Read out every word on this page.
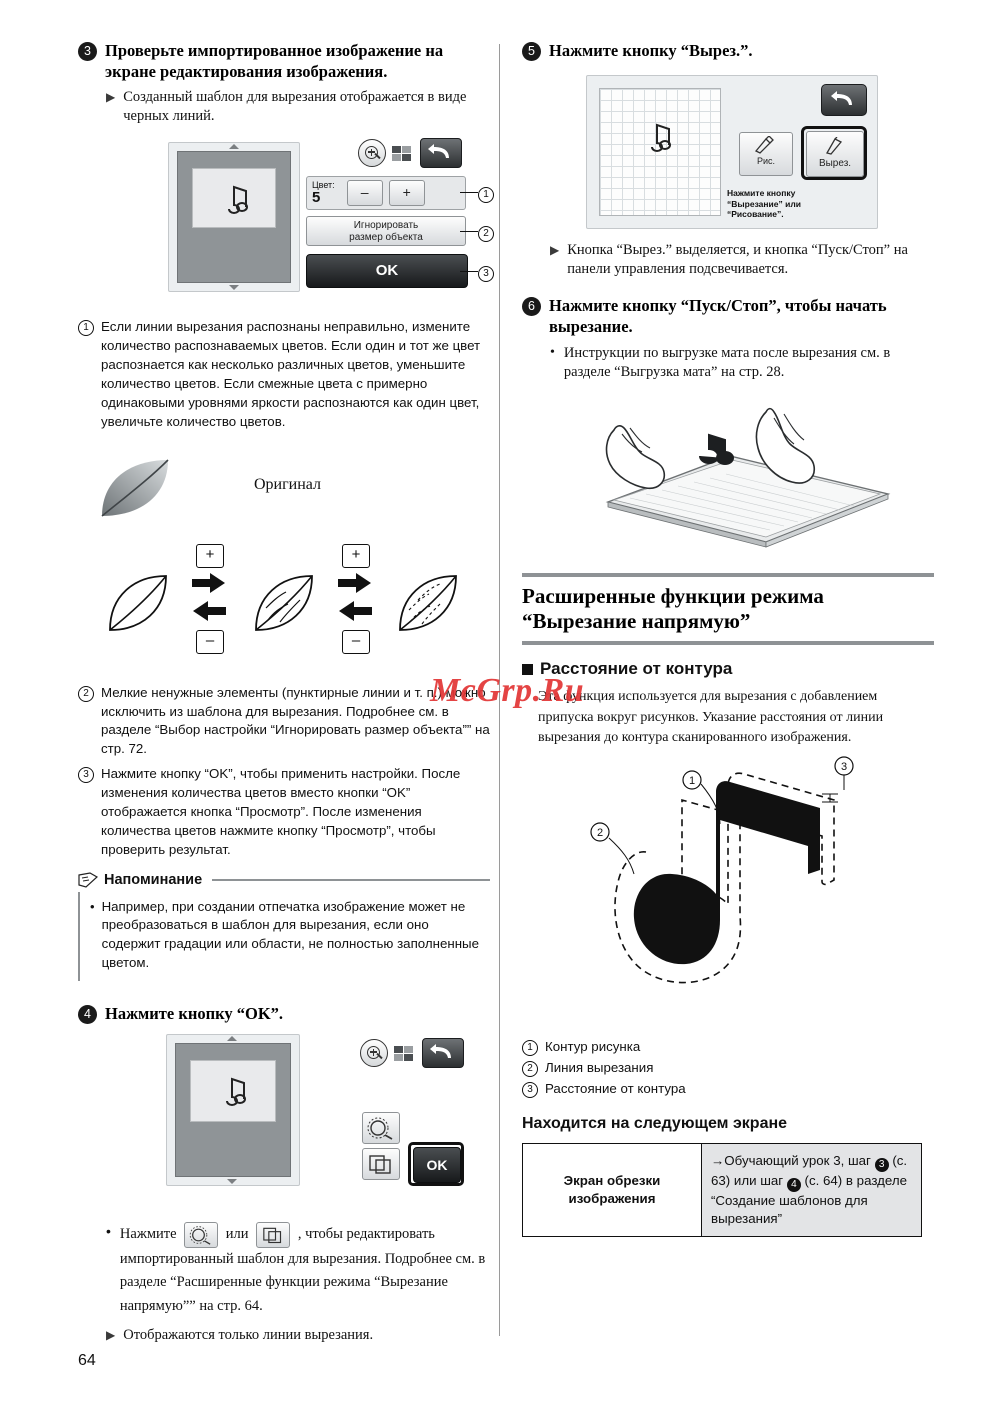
3 Проверьте импортированное изображение на экране редактирования изображения.
▶ Созданный шаблон для вырезания отображается в виде черных линий.
Цвет:
5	–	+
Игнорировать
размер объекта
OK
1
2
3
1 Если линии вырезания распознаны неправильно, измените количество распознаваемых цветов. Если один и тот же цвет распознается как несколько различных цветов, уменьшите количество цветов. Если смежные цвета с примерно одинаковыми уровнями яркости распознаются как один цвет, увеличьте количество цветов.
Оригинал
+
–
+
–
2 Мелкие ненужные элементы (пунктирные линии и т. п.) можно исключить из шаблона для вырезания. Подробнее см. в разделе “Выбор настройки “Игнорировать размер объекта”” на стр. 72.
3 Нажмите кнопку “OK”, чтобы применить настройки. После изменения количества цветов вместо кнопки “OK” отображается кнопка “Просмотр”. После изменения количества цветов нажмите кнопку “Просмотр”, чтобы проверить результат.
Напоминание
• Например, при создании отпечатка изображение может не преобразоваться в шаблон для вырезания, если оно содержит градации или области, не полностью заполненные цветом.
4 Нажмите кнопку “OK”.
OK
• Нажмите	или	, чтобы редактировать импортированный шаблон для вырезания. Подробнее см. в разделе “Расширенные функции режима “Вырезание напрямую”” на стр. 64.
▶ Отображаются только линии вырезания.
5 Нажмите кнопку “Вырез.”.
Рис.	Вырез.
Нажмите кнопку
“Вырезание” или
“Рисование”.
▶ Кнопка “Вырез.” выделяется, и кнопка “Пуск/Стоп” на панели управления подсвечивается.
6 Нажмите кнопку “Пуск/Стоп”, чтобы начать вырезание.
• Инструкции по выгрузке мата после вырезания см. в разделе “Выгрузка мата” на стр. 28.
Расширенные функции режима
“Вырезание напрямую”
Расстояние от контура
Эта функция используется для вырезания с добавлением припуска вокруг рисунков. Указание расстояния от линии вырезания до контура сканированного изображения.
1
2
3
1 Контур рисунка
2 Линия вырезания
3 Расстояние от контура
Находится на следующем экране
Экран обрезки
изображения
	→Обучающий урок 3, шаг 3 (с. 63) или шаг 4 (с. 64) в разделе “Создание шаблонов для вырезания”
McGrp.Ru
64
